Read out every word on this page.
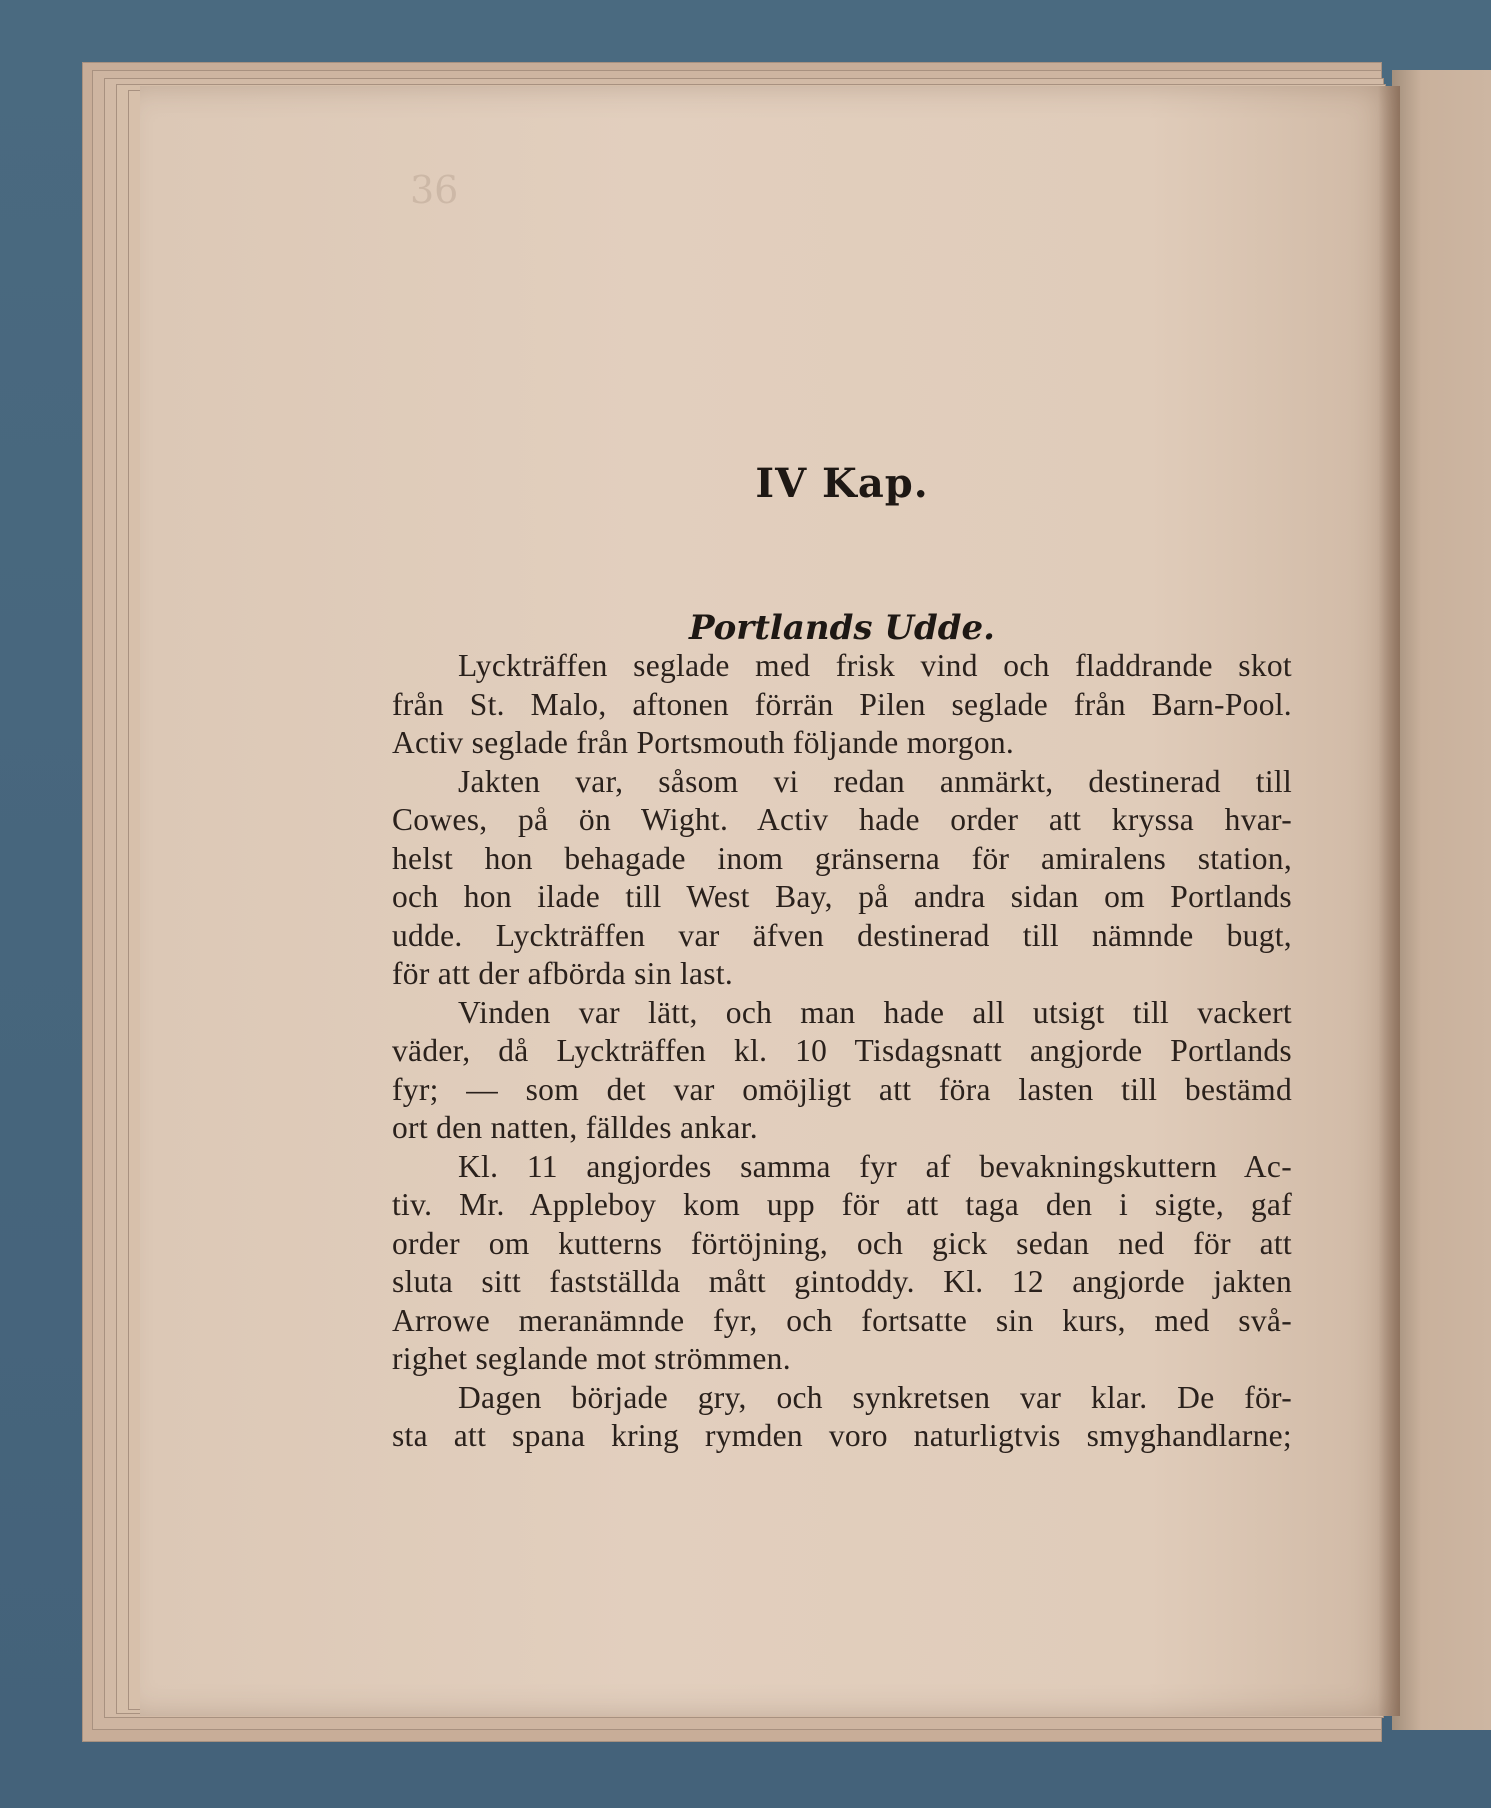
36
IV Kap.
Portlands Udde.
Lyckträffen seglade med frisk vind och fladdrande skot
från St. Malo, aftonen förrän Pilen seglade från Barn-Pool.
Activ seglade från Portsmouth följande morgon.
Jakten var, såsom vi redan anmärkt, destinerad till
Cowes, på ön Wight. Activ hade order att kryssa hvar-
helst hon behagade inom gränserna för amiralens station,
och hon ilade till West Bay, på andra sidan om Portlands
udde. Lyckträffen var äfven destinerad till nämnde bugt,
för att der afbörda sin last.
Vinden var lätt, och man hade all utsigt till vackert
väder, då Lyckträffen kl. 10 Tisdagsnatt angjorde Portlands
fyr; — som det var omöjligt att föra lasten till bestämd
ort den natten, fälldes ankar.
Kl. 11 angjordes samma fyr af bevakningskuttern Ac-
tiv. Mr. Appleboy kom upp för att taga den i sigte, gaf
order om kutterns förtöjning, och gick sedan ned för att
sluta sitt fastställda mått gintoddy. Kl. 12 angjorde jakten
Arrowe meranämnde fyr, och fortsatte sin kurs, med svå-
righet seglande mot strömmen.
Dagen började gry, och synkretsen var klar. De för-
sta att spana kring rymden voro naturligtvis smyghandlarne;
